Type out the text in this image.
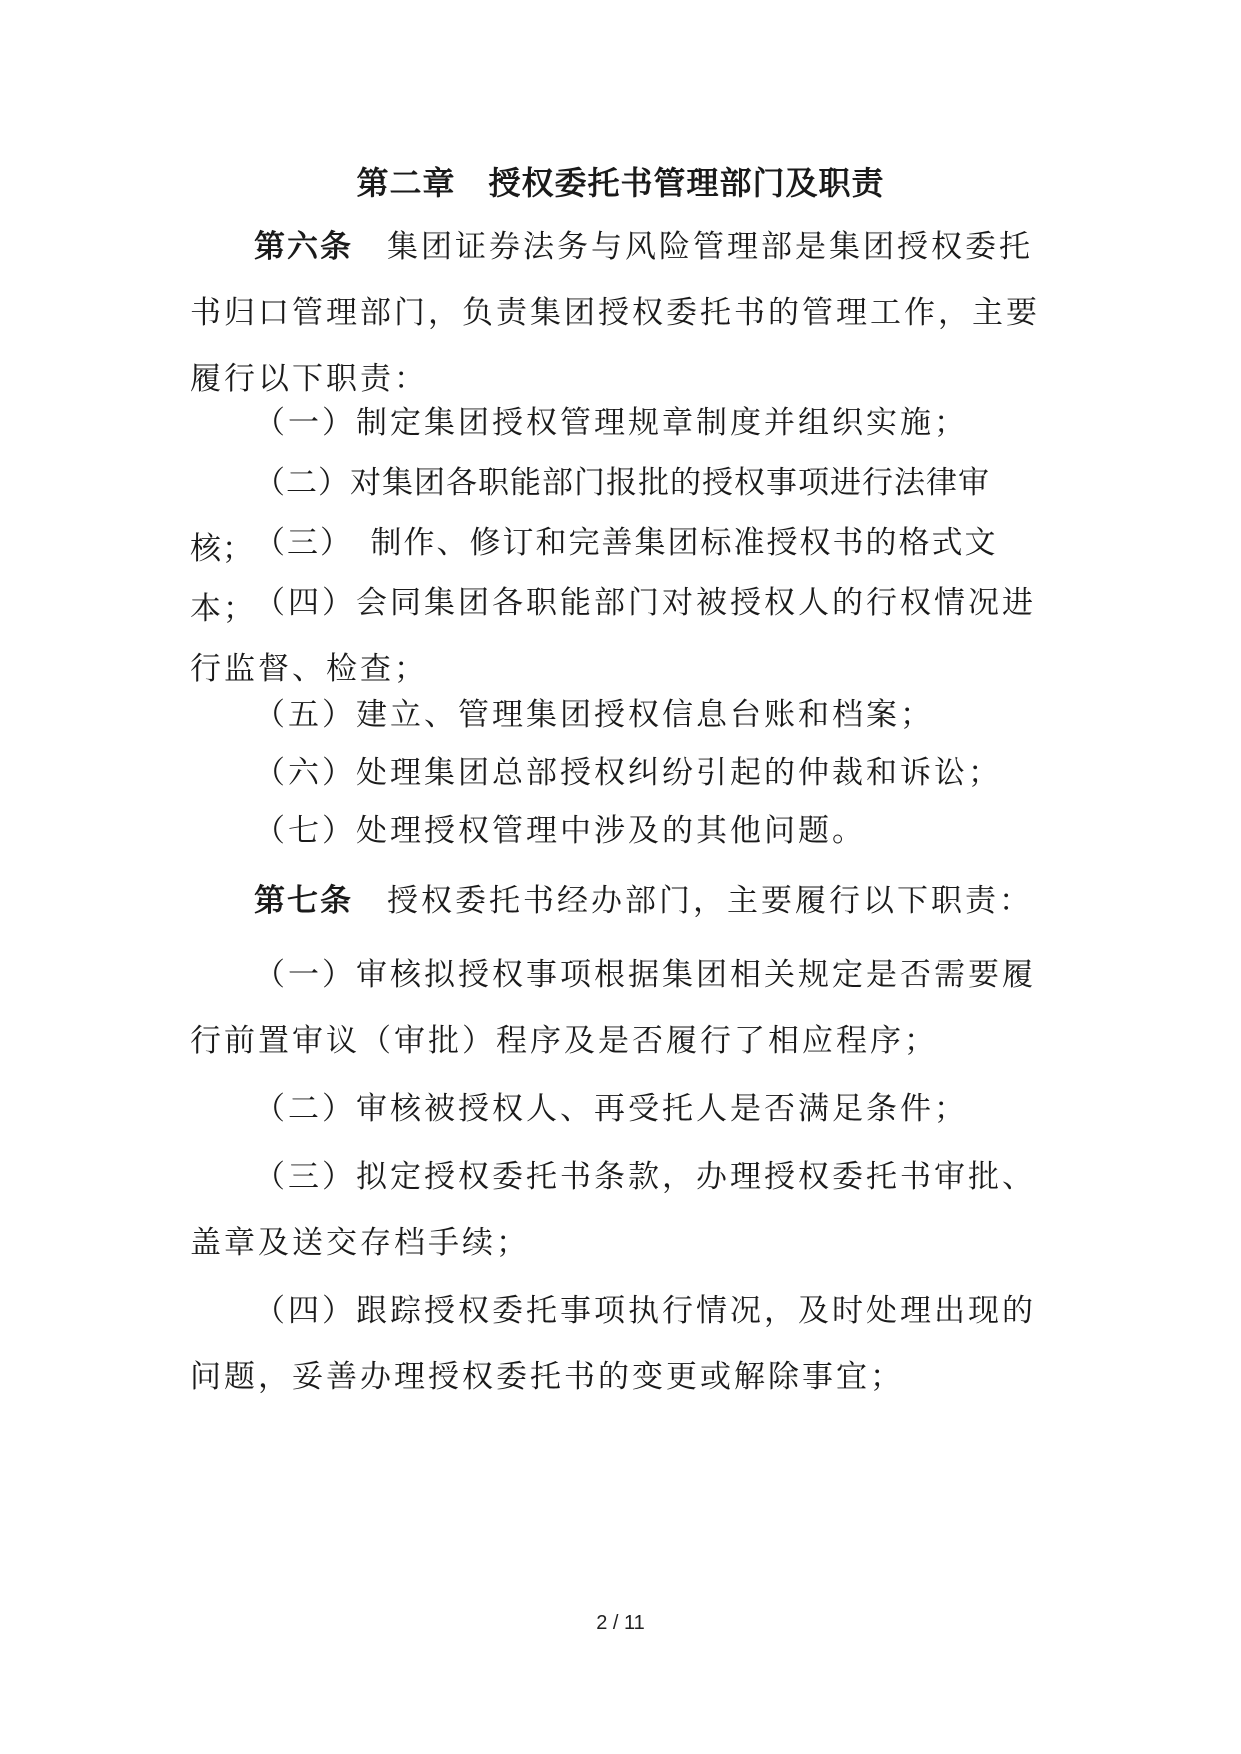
第二章　授权委托书管理部门及职责
第六条　集团证券法务与风险管理部是集团授权委托书归口管理部门，负责集团授权委托书的管理工作，主要履行以下职责：
（一）制定集团授权管理规章制度并组织实施；
（二）对集团各职能部门报批的授权事项进行法律审核； （三）　制作、修订和完善集团标准授权书的格式文本；
（四）会同集团各职能部门对被授权人的行权情况进行监督、检查；
（五）建立、管理集团授权信息台账和档案；
（六）处理集团总部授权纠纷引起的仲裁和诉讼；
（七）处理授权管理中涉及的其他问题。
第七条　授权委托书经办部门，主要履行以下职责：
（一）审核拟授权事项根据集团相关规定是否需要履行前置审议（审批）程序及是否履行了相应程序；
（二）审核被授权人、再受托人是否满足条件；
（三）拟定授权委托书条款，办理授权委托书审批、盖章及送交存档手续；
（四）跟踪授权委托事项执行情况，及时处理出现的问题，妥善办理授权委托书的变更或解除事宜；
2 / 11
